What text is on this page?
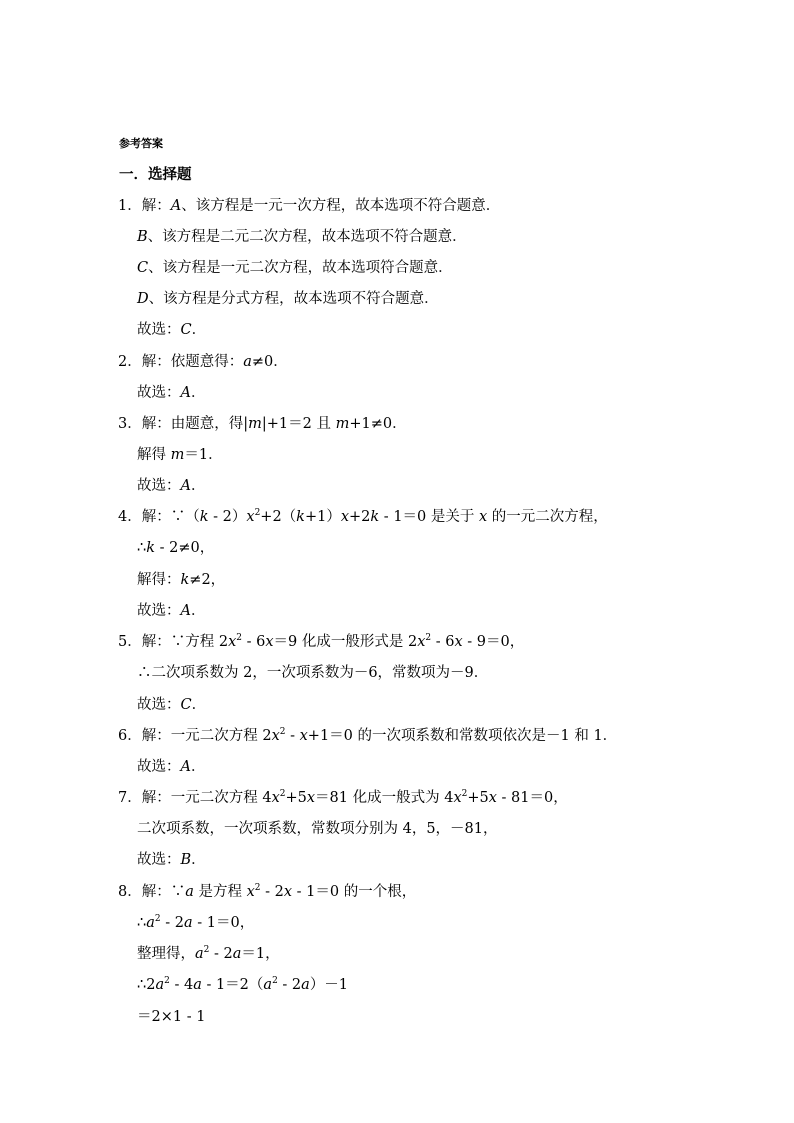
参考答案
一．选择题
1．解：A、该方程是一元一次方程，故本选项不符合题意．
B、该方程是二元二次方程，故本选项不符合题意．
C、该方程是一元二次方程，故本选项符合题意．
D、该方程是分式方程，故本选项不符合题意．
故选：C．
2．解：依题意得：a≠0．
故选：A．
3．解：由题意，得|m|+1＝2 且 m+1≠0．
解得 m＝1．
故选：A．
4．解：∵（k - $2)x^2+2(k+1)x+2k - 1=0$ 是关于 x 的一元二次方程，
∴k - 2≠0，
解得：k≠2，
故选：A．
5．解：∵方程 $2x^2 - 6x=9$ 化成一般形式是 $2x^2 - 6x - 9=0$，
∴二次项系数为 2，一次项系数为－6，常数项为－9．
故选：C．
6．解：一元二次方程 $2x^2 - x+1=0$ 的一次项系数和常数项依次是－1 和 1．
故选：A．
7．解：一元二次方程 $4x^2+5x=81$ 化成一般式为 $4x^2+5x - 81=0$，
二次项系数，一次项系数，常数项分别为 4，5，－81，
故选：B．
8．解：∵a 是方程 $x^2 - 2x - 1=0$ 的一个根，
$\therefore a^2 - 2a - 1=0$，
整理得，$a^2 - 2a=1$，
$\therefore 2a^2 - 4a - 1=2(a^2 - 2a)-1$
＝2×1 - 1
